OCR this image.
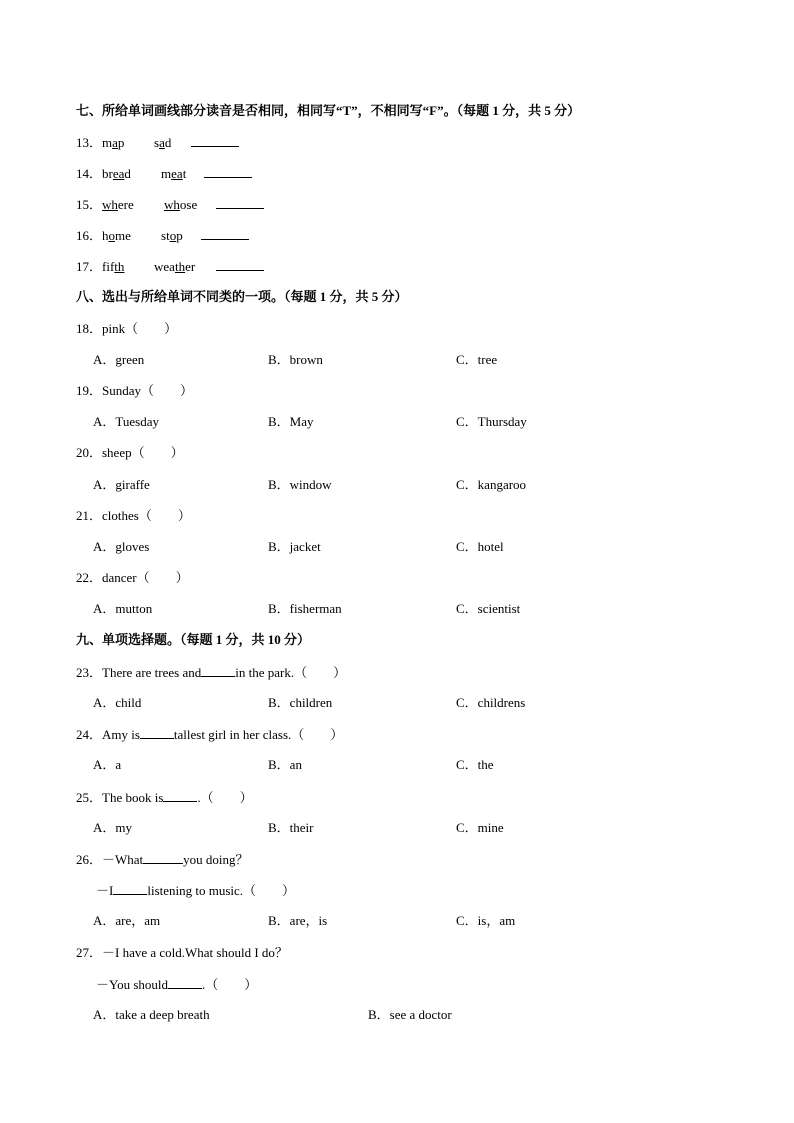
七、所给单词画线部分读音是否相同，相同写“T”，不相同写“F”。（每题 1 分，共 5 分）
13．map sad
14．bread meat
15．where whose
16．home stop
17．fifth weather
八、选出与所给单词不同类的一项。（每题 1 分，共 5 分）
18．pink（　　）
A．green	B．brown	C．tree
19．Sunday（　　）
A．Tuesday	B．May	C．Thursday
20．sheep（　　）
A．giraffe	B．window	C．kangaroo
21．clothes（　　）
A．gloves	B．jacket	C．hotel
22．dancer（　　）
A．mutton	B．fisherman	C．scientist
九、单项选择题。（每题 1 分，共 10 分）
23．There are trees and	in the park.（　　）
A．child	B．children	C．childrens
24．Amy is	tallest girl in her class.（　　）
A．a	B．an	C．the
25．The book is	.（　　）
A．my	B．their	C．mine
26．－What	you doing？
－I	listening to music.（　　）
A．are，am	B．are，is	C．is，am
27．－I have a cold.What should I do？
－You should	.（　　）
A．take a deep breath	B．see a doctor
